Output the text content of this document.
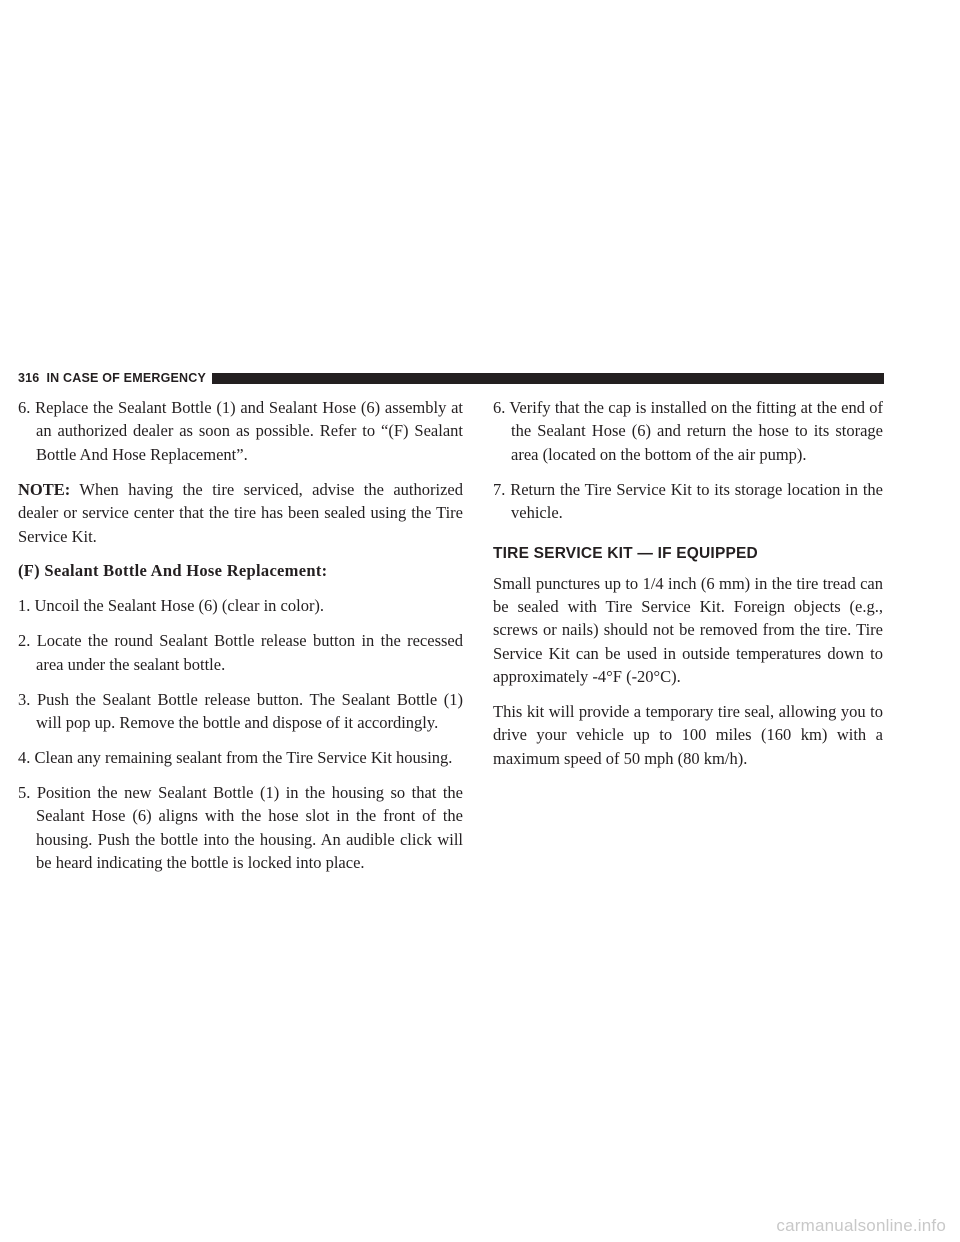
316 IN CASE OF EMERGENCY

6. Replace the Sealant Bottle (1) and Sealant Hose (6) assembly at an authorized dealer as soon as possible. Refer to “(F) Sealant Bottle And Hose Replacement”.

NOTE: When having the tire serviced, advise the authorized dealer or service center that the tire has been sealed using the Tire Service Kit.

(F) Sealant Bottle And Hose Replacement:

1. Uncoil the Sealant Hose (6) (clear in color).

2. Locate the round Sealant Bottle release button in the recessed area under the sealant bottle.

3. Push the Sealant Bottle release button. The Sealant Bottle (1) will pop up. Remove the bottle and dispose of it accordingly.

4. Clean any remaining sealant from the Tire Service Kit housing.

5. Position the new Sealant Bottle (1) in the housing so that the Sealant Hose (6) aligns with the hose slot in the front of the housing. Push the bottle into the housing. An audible click will be heard indicating the bottle is locked into place.

6. Verify that the cap is installed on the fitting at the end of the Sealant Hose (6) and return the hose to its storage area (located on the bottom of the air pump).

7. Return the Tire Service Kit to its storage location in the vehicle.

TIRE SERVICE KIT — IF EQUIPPED

Small punctures up to 1/4 inch (6 mm) in the tire tread can be sealed with Tire Service Kit. Foreign objects (e.g., screws or nails) should not be removed from the tire. Tire Service Kit can be used in outside temperatures down to approximately -4°F (-20°C).

This kit will provide a temporary tire seal, allowing you to drive your vehicle up to 100 miles (160 km) with a maximum speed of 50 mph (80 km/h).

carmanualsonline.info
